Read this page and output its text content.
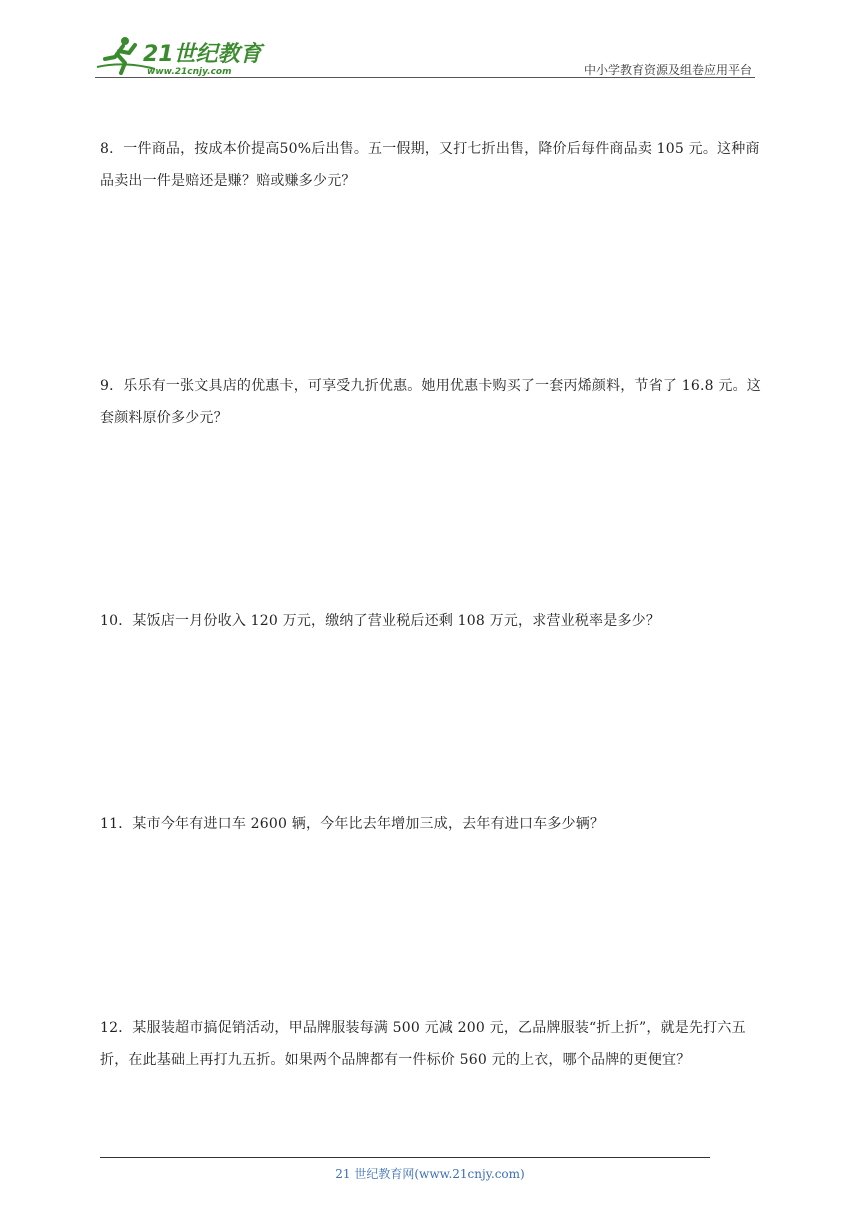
21世纪教育
www.21cnjy.com	中小学教育资源及组卷应用平台
8．一件商品，按成本价提高50%后出售。五一假期，又打七折出售，降价后每件商品卖 105 元。这种商品卖出一件是赔还是赚？赔或赚多少元？
9．乐乐有一张文具店的优惠卡，可享受九折优惠。她用优惠卡购买了一套丙烯颜料，节省了 16.8 元。这套颜料原价多少元？
10．某饭店一月份收入 120 万元，缴纳了营业税后还剩 108 万元，求营业税率是多少？
11．某市今年有进口车 2600 辆，今年比去年增加三成，去年有进口车多少辆？
12．某服装超市搞促销活动，甲品牌服装每满 500 元减 200 元，乙品牌服装“折上折”，就是先打六五折，在此基础上再打九五折。如果两个品牌都有一件标价 560 元的上衣，哪个品牌的更便宜？
21 世纪教育网(www.21cnjy.com)
